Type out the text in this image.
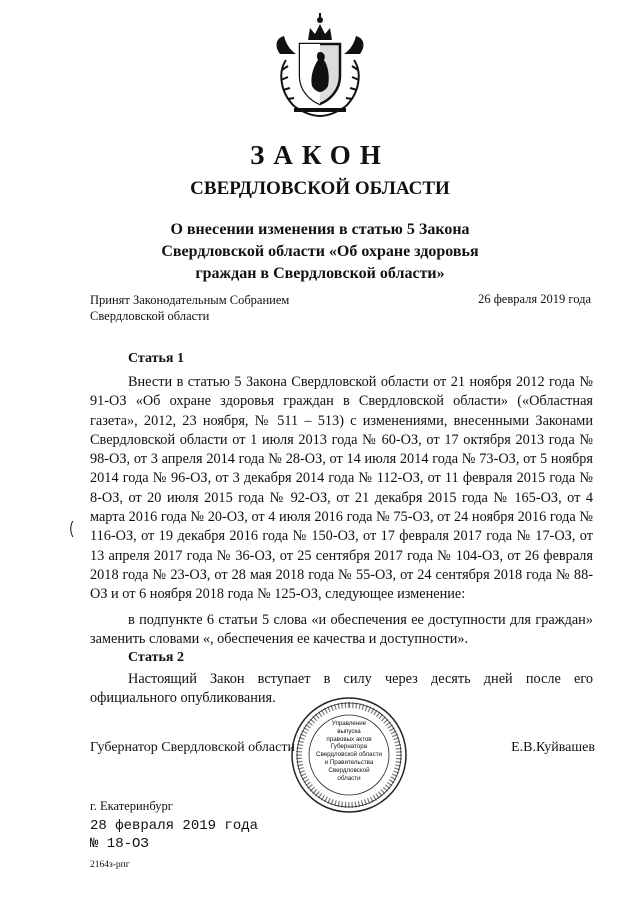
ЗАКОН
СВЕРДЛОВСКОЙ ОБЛАСТИ
О внесении изменения в статью 5 Закона
Свердловской области «Об охране здоровья
граждан в Свердловской области»
Принят Законодательным Собранием
Свердловской области
26 февраля 2019 года
Статья 1

Внести в статью 5 Закона Свердловской области от 21 ноября 2012 года № 91-ОЗ «Об охране здоровья граждан в Свердловской области» («Областная газета», 2012, 23 ноября, № 511 – 513) с изменениями, внесенными Законами Свердловской области от 1 июля 2013 года № 60-ОЗ, от 17 октября 2013 года № 98-ОЗ, от 3 апреля 2014 года № 28-ОЗ, от 14 июля 2014 года № 73-ОЗ, от 5 ноября 2014 года № 96-ОЗ, от 3 декабря 2014 года № 112-ОЗ, от 11 февраля 2015 года № 8-ОЗ, от 20 июля 2015 года № 92-ОЗ, от 21 декабря 2015 года № 165-ОЗ, от 4 марта 2016 года № 20-ОЗ, от 4 июля 2016 года № 75-ОЗ, от 24 ноября 2016 года № 116-ОЗ, от 19 декабря 2016 года № 150-ОЗ, от 17 февраля 2017 года № 17-ОЗ, от 13 апреля 2017 года № 36-ОЗ, от 25 сентября 2017 года № 104-ОЗ, от 26 февраля 2018 года № 23-ОЗ, от 28 мая 2018 года № 55-ОЗ, от 24 сентября 2018 года № 88-ОЗ и от 6 ноября 2018 года № 125-ОЗ, следующее изменение:

в подпункте 6 статьи 5 слова «и обеспечения ее доступности для граждан» заменить словами «, обеспечения ее качества и доступности».

Статья 2

Настоящий Закон вступает в силу через десять дней после его официального опубликования.

Губернатор Свердловской области	Е.В.Куйвашев
Управление
выпуска
правовых актов
Губернатора
Свердловской области
и Правительства
Свердловской
области
г. Екатеринбург
28 февраля 2019 года
№ 18-ОЗ
2164з-рпг
